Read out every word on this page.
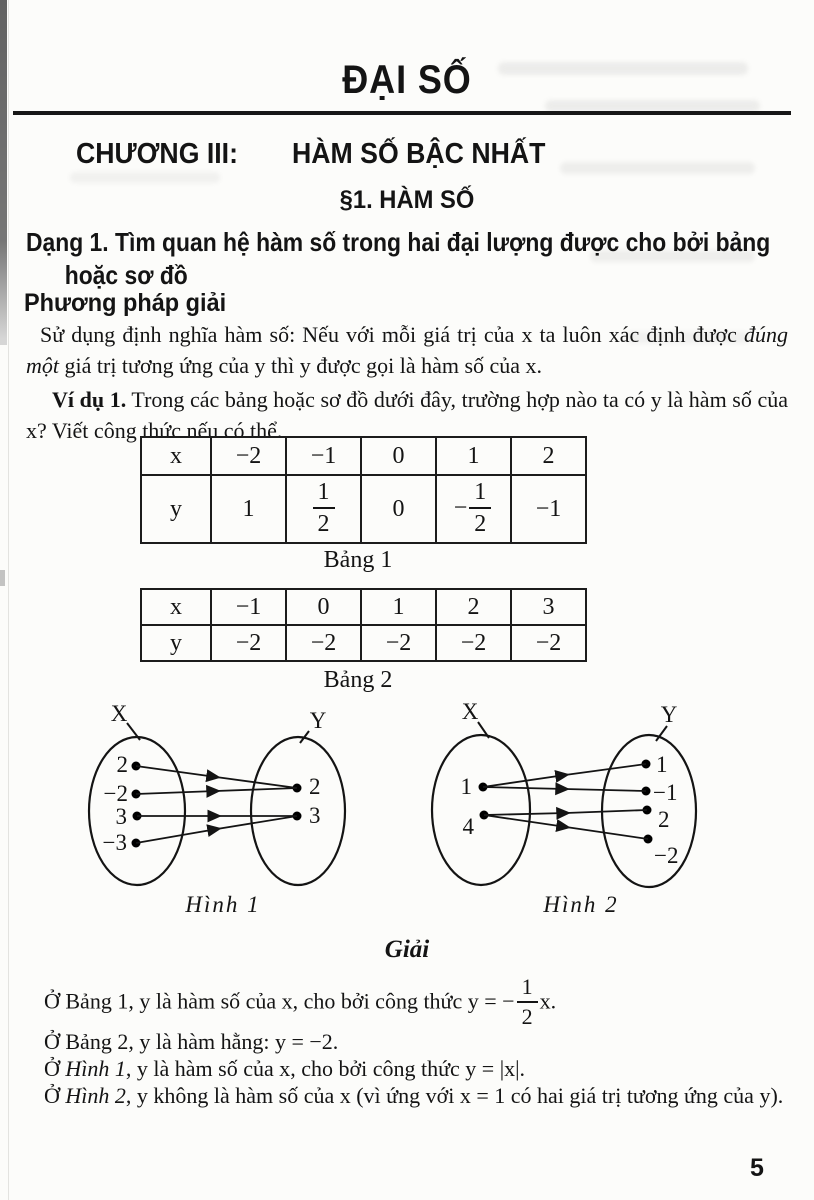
ĐẠI SỐ
CHƯƠNG III: HÀM SỐ BẬC NHẤT
§1. HÀM SỐ
Dạng 1. Tìm quan hệ hàm số trong hai đại lượng được cho bởi bảng hoặc sơ đồ
Phương pháp giải
Sử dụng định nghĩa hàm số: Nếu với mỗi giá trị của x ta luôn xác định được đúng một giá trị tương ứng của y thì y được gọi là hàm số của x.
Ví dụ 1. Trong các bảng hoặc sơ đồ dưới đây, trường hợp nào ta có y là hàm số của x? Viết công thức nếu có thể.
x	−2	−1	0	1	2
y	1	$\frac{1}{2}$	0	− $\frac{1}{2}$	−1
Bảng 1
x	−1	0	1	2	3
y	−2	−2	−2	−2	−2
Bảng 2
X
2
−2
3
−3
Y
2
3
Hình 1
X
1
4
Y
1
−1
2
−2
Hình 2
Giải
Ở Bảng 1, y là hàm số của x, cho bởi công thức y = − $\frac{1}{2} x$.
Ở Bảng 2, y là hàm hằng: y = −2.
Ở Hình 1, y là hàm số của x, cho bởi công thức y = |x|.
Ở Hình 2, y không là hàm số của x (vì ứng với x = 1 có hai giá trị tương ứng của y).
5
